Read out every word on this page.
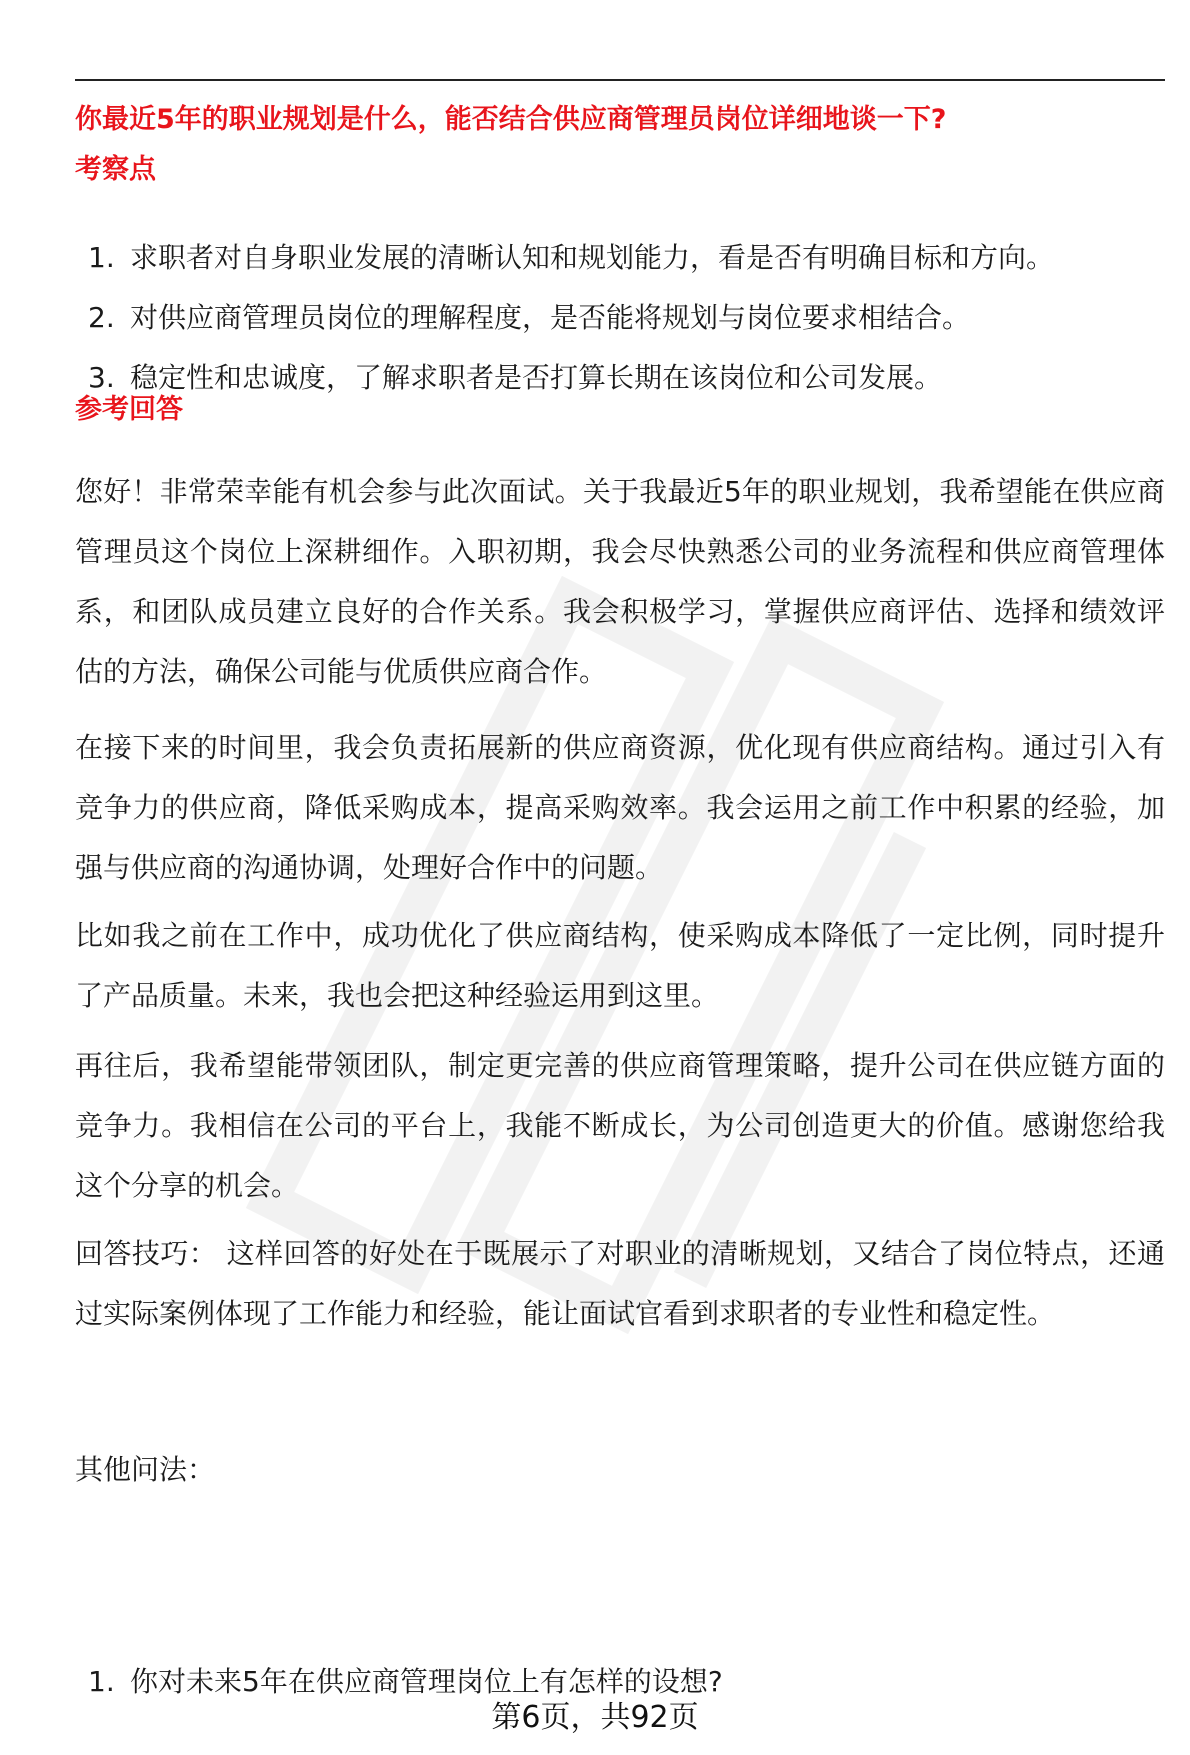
你最近5年的职业规划是什么，能否结合供应商管理员岗位详细地谈一下?
考察点
1. 求职者对自身职业发展的清晰认知和规划能力，看是否有明确目标和方向。
2. 对供应商管理员岗位的理解程度，是否能将规划与岗位要求相结合。
3. 稳定性和忠诚度，了解求职者是否打算长期在该岗位和公司发展。
参考回答

您好！非常荣幸能有机会参与此次面试。关于我最近5年的职业规划，我希望能在供应商管理员这个岗位上深耕细作。入职初期，我会尽快熟悉公司的业务流程和供应商管理体系，和团队成员建立良好的合作关系。我会积极学习，掌握供应商评估、选择和绩效评估的方法，确保公司能与优质供应商合作。

在接下来的时间里，我会负责拓展新的供应商资源，优化现有供应商结构。通过引入有竞争力的供应商，降低采购成本，提高采购效率。我会运用之前工作中积累的经验，加强与供应商的沟通协调，处理好合作中的问题。

比如我之前在工作中，成功优化了供应商结构，使采购成本降低了一定比例，同时提升了产品质量。未来，我也会把这种经验运用到这里。

再往后，我希望能带领团队，制定更完善的供应商管理策略，提升公司在供应链方面的竞争力。我相信在公司的平台上，我能不断成长，为公司创造更大的价值。感谢您给我这个分享的机会。

回答技巧： 这样回答的好处在于既展示了对职业的清晰规划，又结合了岗位特点，还通过实际案例体现了工作能力和经验，能让面试官看到求职者的专业性和稳定性。

其他问法：

1. 你对未来5年在供应商管理岗位上有怎样的设想?
第6页，共92页
